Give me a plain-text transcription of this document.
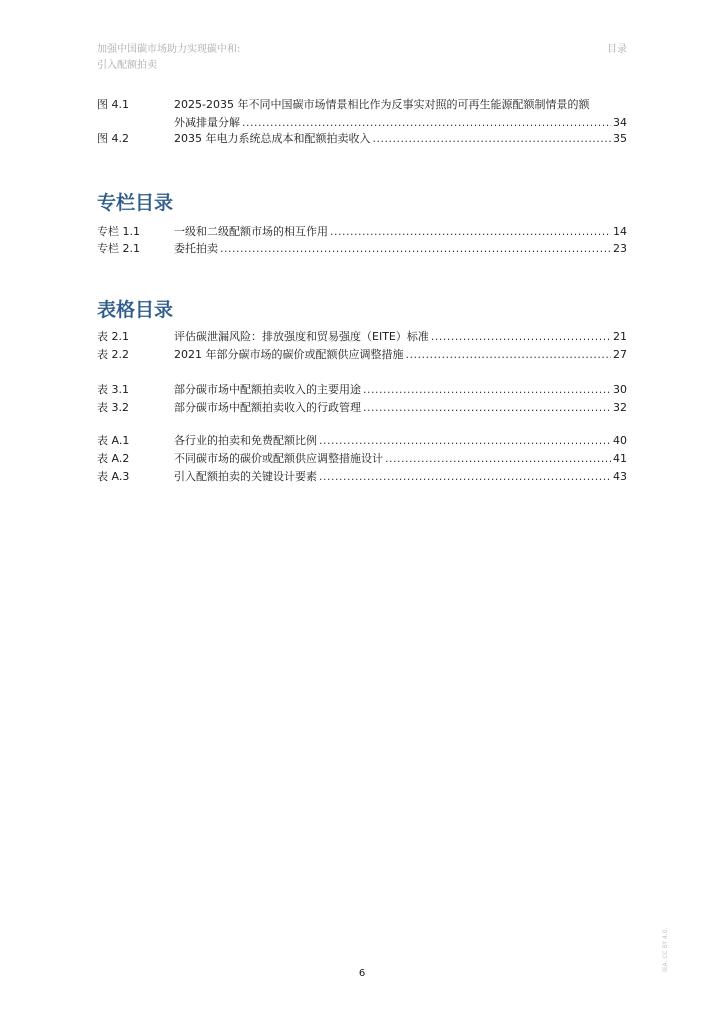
加强中国碳市场助力实现碳中和:
引入配额拍卖
目录
图 4.1	2025-2035 年不同中国碳市场情景相比作为反事实对照的可再生能源配额制情景的额
外减排量分解 .....	34
图 4.2	2035 年电力系统总成本和配额拍卖收入 .....	35
专栏目录
专栏 1.1	一级和二级配额市场的相互作用 .....	14
专栏 2.1	委托拍卖 .....	23
表格目录
表 2.1	评估碳泄漏风险：排放强度和贸易强度（EITE）标准 .....	21
表 2.2	2021 年部分碳市场的碳价或配额供应调整措施 .....	27
表 3.1	部分碳市场中配额拍卖收入的主要用途 .....	30
表 3.2	部分碳市场中配额拍卖收入的行政管理 .....	32
表 A.1	各行业的拍卖和免费配额比例 .....	40
表 A.2	不同碳市场的碳价或配额供应调整措施设计 .....	41
表 A.3	引入配额拍卖的关键设计要素 .....	43
6
IEA. CC BY 4.0.
